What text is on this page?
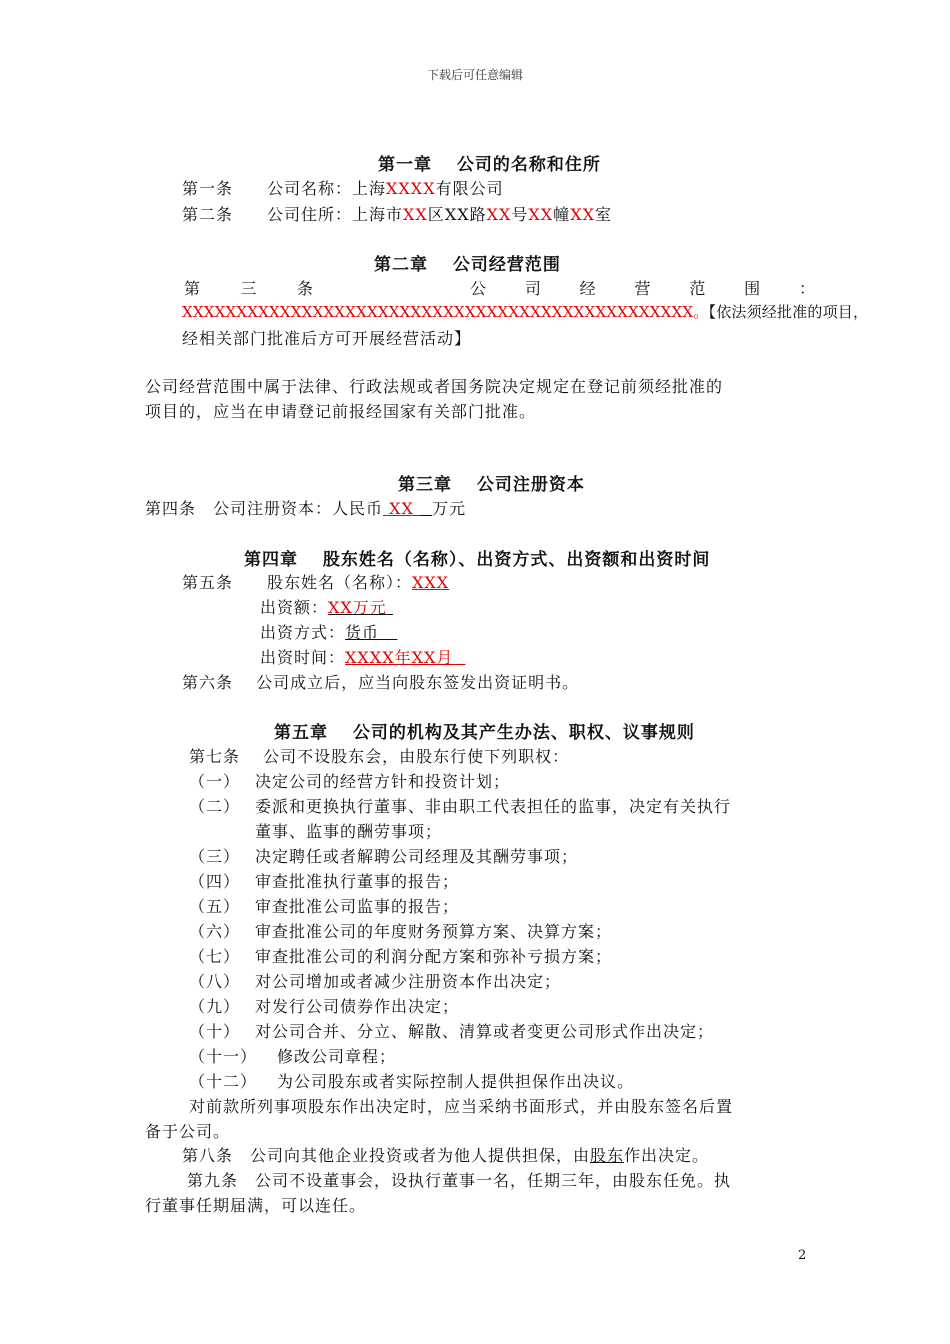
下载后可任意编辑
第一章　 公司的名称和住所
第一条　　公司名称：上海XXXX有限公司
第二条　　公司住所：上海市XX区XX路XX号XX幢XX室
第二章　 公司经营范围
第 三 条	公 司 经 营 范 围 ：
XXXXXXXXXXXXXXXXXXXXXXXXXXXXXXXXXXXXXXXXXXXXXXX。【依法须经批准的项目，
经相关部门批准后方可开展经营活动】
公司经营范围中属于法律、行政法规或者国务院决定规定在登记前须经批准的
项目的，应当在申请登记前报经国家有关部门批准。
第三章　 公司注册资本
第四条　公司注册资本：人民币 XX   万元
第四章　 股东姓名（名称）、出资方式、出资额和出资时间
第五条　　股东姓名（名称）：XXX
出资额：XX万元
出资方式：货币
出资时间：XXXX年XX月
第六条　 公司成立后，应当向股东签发出资证明书。
第五章　 公司的机构及其产生办法、职权、议事规则
第七条　 公司不设股东会，由股东行使下列职权：
（一） 决定公司的经营方针和投资计划；
（二） 委派和更换执行董事、非由职工代表担任的监事，决定有关执行
董事、监事的酬劳事项；
（三） 决定聘任或者解聘公司经理及其酬劳事项；
（四） 审查批准执行董事的报告；
（五） 审查批准公司监事的报告；
（六） 审查批准公司的年度财务预算方案、决算方案；
（七） 审查批准公司的利润分配方案和弥补亏损方案；
（八） 对公司增加或者减少注册资本作出决定；
（九） 对发行公司债券作出决定；
（十） 对公司合并、分立、解散、清算或者变更公司形式作出决定；
（十一） 修改公司章程；
（十二） 为公司股东或者实际控制人提供担保作出决议。
对前款所列事项股东作出决定时，应当采纳书面形式，并由股东签名后置
备于公司。
第八条　公司向其他企业投资或者为他人提供担保，由股东作出决定。
第九条　公司不设董事会，设执行董事一名，任期三年，由股东任免。执
行董事任期届满，可以连任。
2
